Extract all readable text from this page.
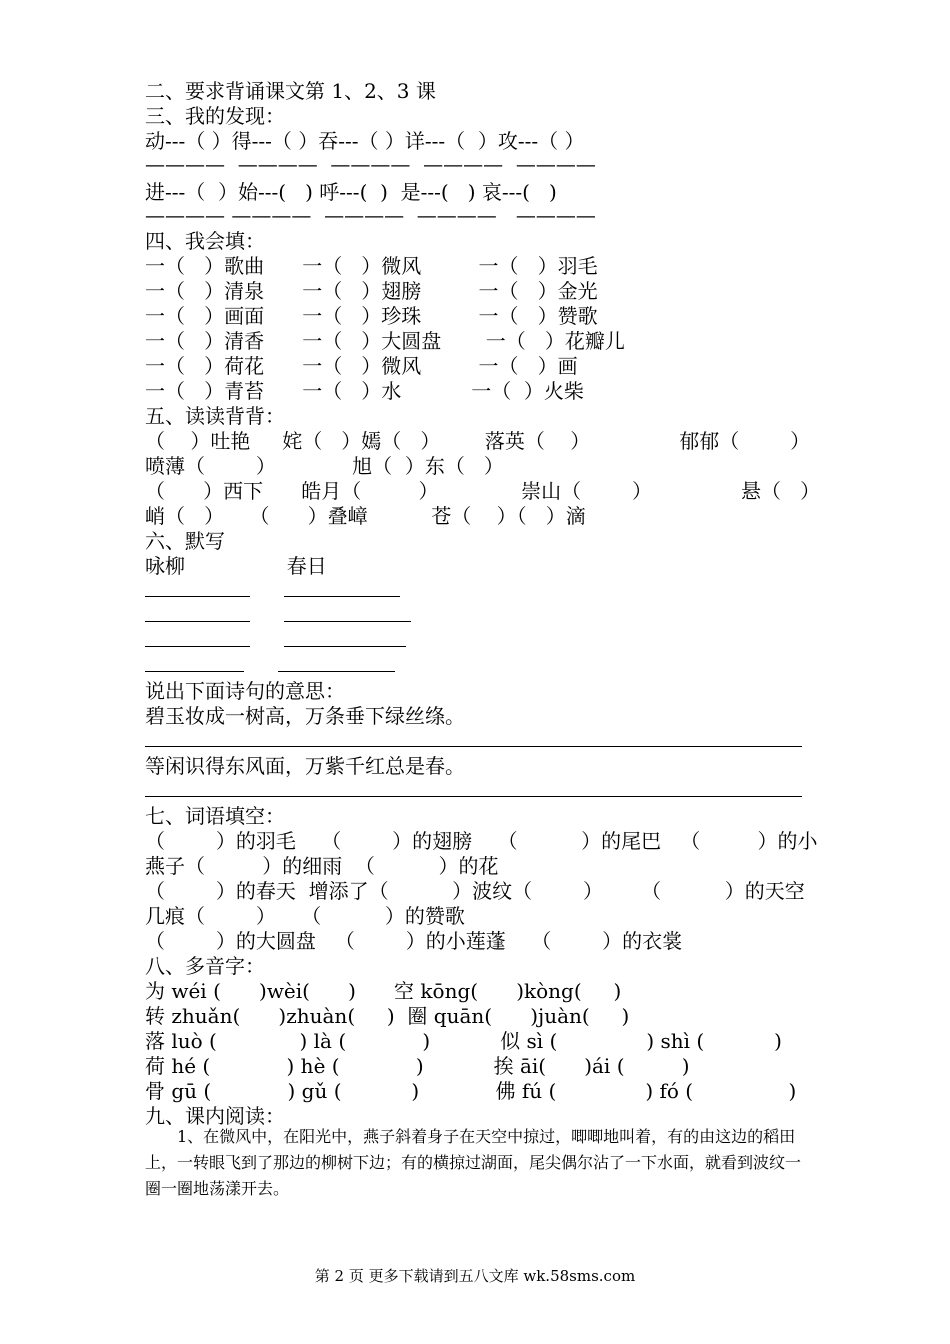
二、要求背诵课文第 1、2、3 课
三、我的发现：
动---（ ）得---（ ）吞---（ ）详---（  ）攻---（ ）
————  ————  ————  ————  ————
进---（  ）始---(   ) 呼---(  )  是---(   ) 哀---(   )
———— ————  ————  ————   ————
四、我会填：
一（   ）歌曲      一（   ）微风         一（   ）羽毛
一（   ）清泉      一（   ）翅膀         一（   ）金光
一（   ）画面      一（   ）珍珠         一（   ）赞歌
一（   ）清香      一（   ）大圆盘       一（   ）花瓣儿
一（   ）荷花      一（   ）微风         一（   ）画
一（   ）青苔      一（   ）水           一（  ）火柴
五、读读背背：
（    ）吐艳     姹（   ）嫣（   ）       落英（    ）              郁郁（        ）
喷薄（        ）            旭（  ）东（   ）
（      ）西下      皓月（         ）             崇山（        ）              悬（   ）
峭（   ）    （      ）叠嶂          苍（    ）（   ）滴
六、默写
咏柳                春日
说出下面诗句的意思：
碧玉妆成一树高，万条垂下绿丝绦。
等闲识得东风面，万紫千红总是春。
七、词语填空：
（        ）的羽毛    （        ）的翅膀    （          ）的尾巴   （         ）的小
燕子（         ）的细雨  （          ）的花
（        ）的春天  增添了（          ）波纹（        ）      （          ）的天空
几痕（        ）    （          ）的赞歌
（        ）的大圆盘   （        ）的小莲蓬    （        ）的衣裳
八、多音字：
为 wéi (      )wèi(      )      空 kōng(      )kòng(     )
转 zhuǎn(      )zhuàn(     )  圈 quān(      )juàn(     )
落 luò (             ) là (            )           似 sì (              ) shì (           )
荷 hé (            ) hè (            )           挨 āi(      )ái (         )
骨 gū (            ) gǔ (           )            佛 fú (              ) fó (               )
九、课内阅读：
1、在微风中，在阳光中，燕子斜着身子在天空中掠过，唧唧地叫着，有的由这边的稻田上，一转眼飞到了那边的柳树下边；有的横掠过湖面，尾尖偶尔沾了一下水面，就看到波纹一圈一圈地荡漾开去。
第 2 页 更多下载请到五八文库 wk.58sms.com
